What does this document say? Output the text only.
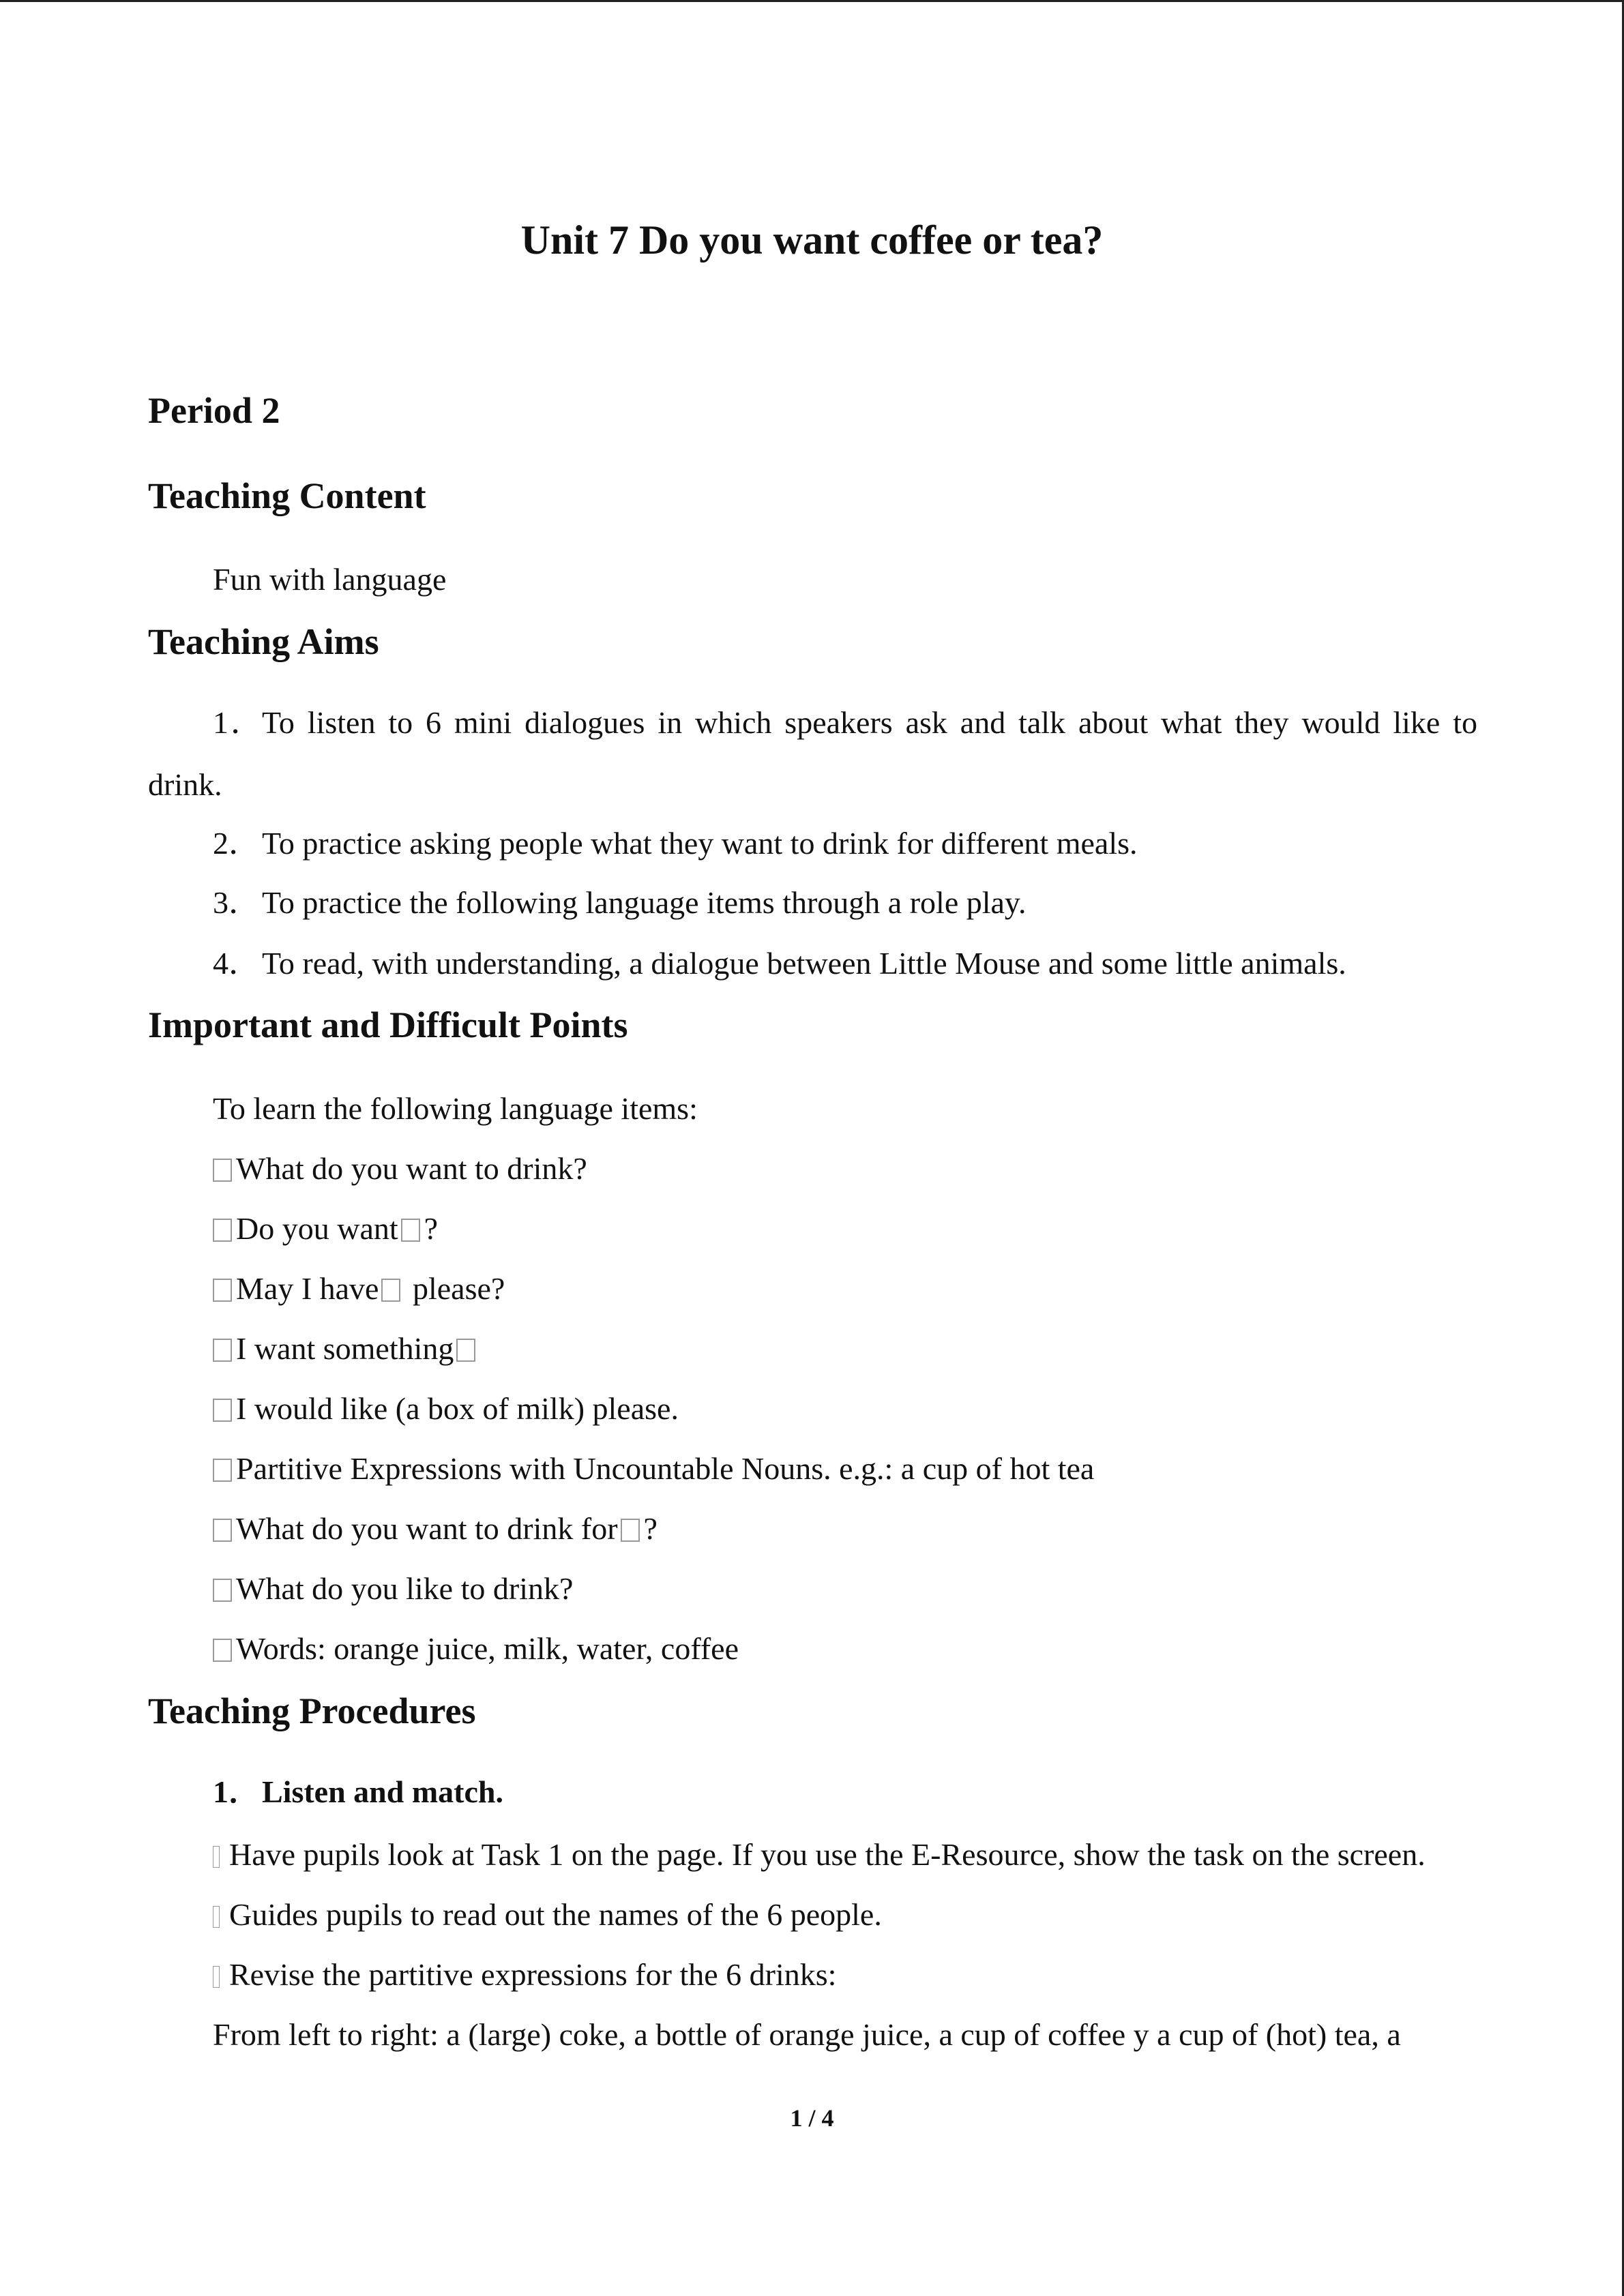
Unit 7 Do you want coffee or tea?
Period 2
Teaching Content
Fun with language
Teaching Aims
1．To listen to 6 mini dialogues in which speakers ask and talk about what they would like to
drink.
2．To practice asking people what they want to drink for different meals.
3．To practice the following language items through a role play.
4．To read, with understanding, a dialogue between Little Mouse and some little animals.
Important and Difficult Points
To learn the following language items:
What do you want to drink?
Do you want ?
May I have please?
I want something
I would like (a box of milk) please.
Partitive Expressions with Uncountable Nouns. e.g.: a cup of hot tea
What do you want to drink for ?
What do you like to drink?
Words: orange juice, milk, water, coffee
Teaching Procedures
1．Listen and match.
Have pupils look at Task 1 on the page. If you use the E-Resource, show the task on the screen.
Guides pupils to read out the names of the 6 people.
Revise the partitive expressions for the 6 drinks:
From left to right: a (large) coke, a bottle of orange juice, a cup of coffee y a cup of (hot) tea, a
1 / 4
